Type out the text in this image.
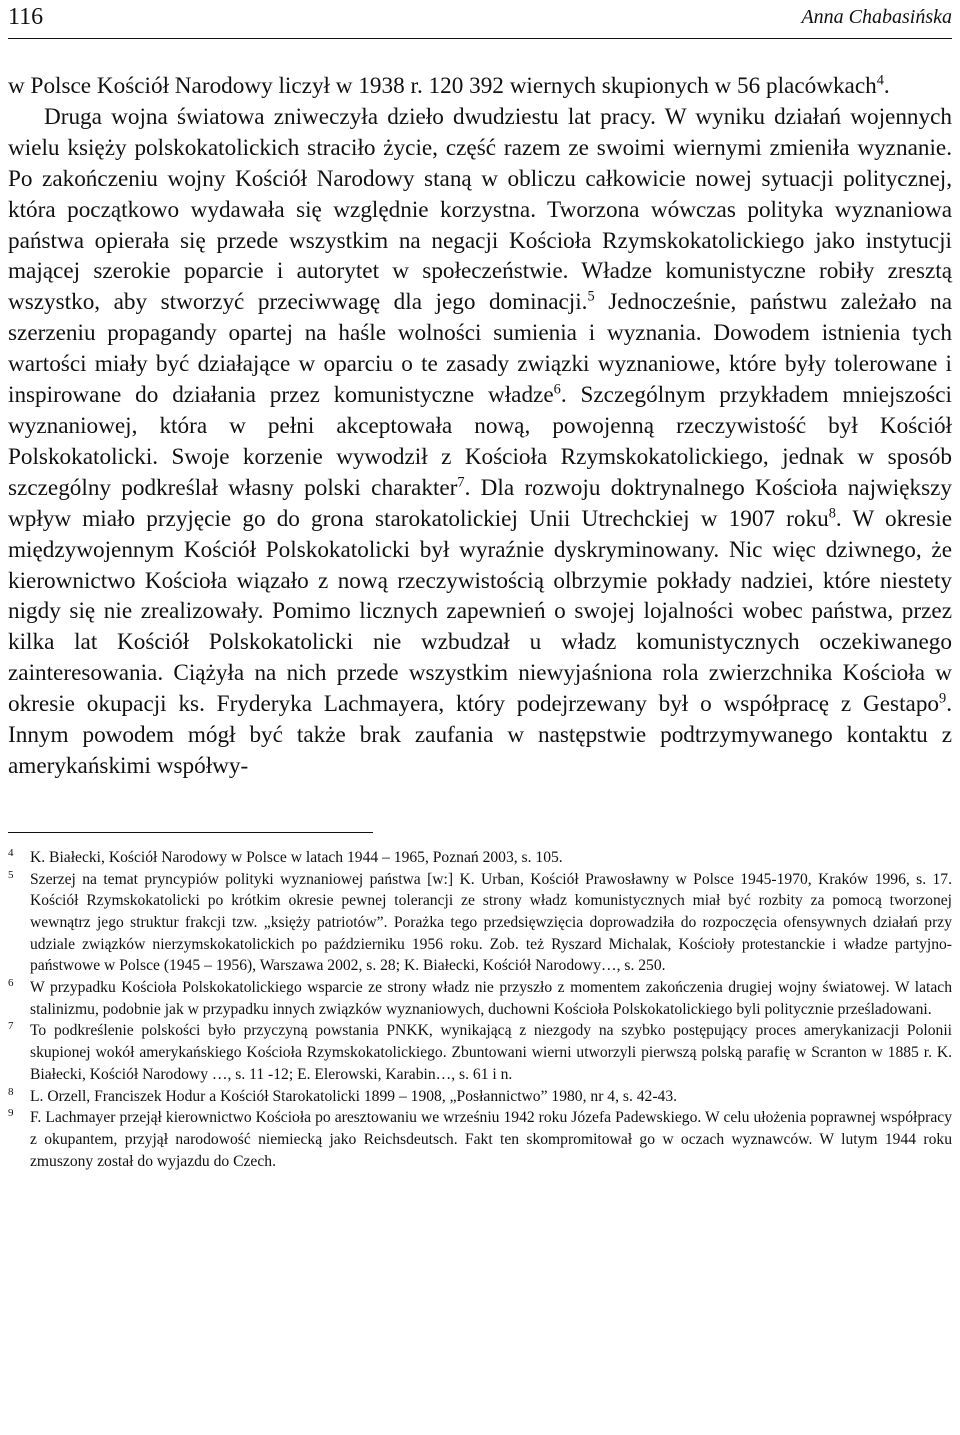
116	Anna Chabasińska

w Polsce Kościół Narodowy liczył w 1938 r. 120 392 wiernych skupionych w 56 placówkach$^4$.

Druga wojna światowa zniweczyła dzieło dwudziestu lat pracy. W wyniku działań wojennych wielu księży polskokatolickich straciło życie, część razem ze swoimi wiernymi zmieniła wyznanie. Po zakończeniu wojny Kościół Narodowy staną w obliczu całkowicie nowej sytuacji politycznej, która początkowo wydawała się względnie korzystna. Tworzona wówczas polityka wyznaniowa państwa opierała się przede wszystkim na negacji Kościoła Rzymskokatolickiego jako instytucji mającej szerokie poparcie i autorytet w społeczeństwie. Władze komunistyczne robiły zresztą wszystko, aby stworzyć przeciwwagę dla jego dominacji.$^5$ Jednocześnie, państwu zależało na szerzeniu propagandy opartej na haśle wolności sumienia i wyznania. Dowodem istnienia tych wartości miały być działające w oparciu o te zasady związki wyznaniowe, które były tolerowane i inspirowane do działania przez komunistyczne władze$^6$. Szczególnym przykładem mniejszości wyznaniowej, która w pełni akceptowała nową, powojenną rzeczywistość był Kościół Polskokatolicki. Swoje korzenie wywodził z Kościoła Rzymskokatolickiego, jednak w sposób szczególny podkreślał własny polski charakter$^7$. Dla rozwoju doktrynalnego Kościoła największy wpływ miało przyjęcie go do grona starokatolickiej Unii Utrechckiej w 1907 roku$^8$. W okresie międzywojennym Kościół Polskokatolicki był wyraźnie dyskryminowany. Nic więc dziwnego, że kierownictwo Kościoła wiązało z nową rzeczywistością olbrzymie pokłady nadziei, które niestety nigdy się nie zrealizowały. Pomimo licznych zapewnień o swojej lojalności wobec państwa, przez kilka lat Kościół Polskokatolicki nie wzbudzał u władz komunistycznych oczekiwanego zainteresowania. Ciążyła na nich przede wszystkim niewyjaśniona rola zwierzchnika Kościoła w okresie okupacji ks. Fryderyka Lachmayera, który podejrzewany był o współpracę z Gestapo$^9$. Innym powodem mógł być także brak zaufania w następstwie podtrzymywanego kontaktu z amerykańskimi współwy-

4 K. Białecki, Kościół Narodowy w Polsce w latach 1944 – 1965, Poznań 2003, s. 105.
5 Szerzej na temat pryncypiów polityki wyznaniowej państwa [w:] K. Urban, Kościół Prawosławny w Polsce 1945-1970, Kraków 1996, s. 17. Kościół Rzymskokatolicki po krótkim okresie pewnej tolerancji ze strony władz komunistycznych miał być rozbity za pomocą tworzonej wewnątrz jego struktur frakcji tzw. „księży patriotów”. Porażka tego przedsięwzięcia doprowadziła do rozpoczęcia ofensywnych działań przy udziale związków nierzymskokatolickich po październiku 1956 roku. Zob. też Ryszard Michalak, Kościoły protestanckie i władze partyjno-państwowe w Polsce (1945 – 1956), Warszawa 2002, s. 28; K. Białecki, Kościół Narodowy…, s. 250.
6 W przypadku Kościoła Polskokatolickiego wsparcie ze strony władz nie przyszło z momentem zakończenia drugiej wojny światowej. W latach stalinizmu, podobnie jak w przypadku innych związków wyznaniowych, duchowni Kościoła Polskokatolickiego byli politycznie prześladowani.
7 To podkreślenie polskości było przyczyną powstania PNKK, wynikającą z niezgody na szybko postępujący proces amerykanizacji Polonii skupionej wokół amerykańskiego Kościoła Rzymskokatolickiego. Zbuntowani wierni utworzyli pierwszą polską parafię w Scranton w 1885 r. K. Białecki, Kościół Narodowy …, s. 11 -12; E. Elerowski, Karabin…, s. 61 i n.
8 L. Orzell, Franciszek Hodur a Kościół Starokatolicki 1899 – 1908, „Posłannictwo” 1980, nr 4, s. 42-43.
9 F. Lachmayer przejął kierownictwo Kościoła po aresztowaniu we wrześniu 1942 roku Józefa Padewskiego. W celu ułożenia poprawnej współpracy z okupantem, przyjął narodowość niemiecką jako Reichsdeutsch. Fakt ten skompromitował go w oczach wyznawców. W lutym 1944 roku zmuszony został do wyjazdu do Czech.
